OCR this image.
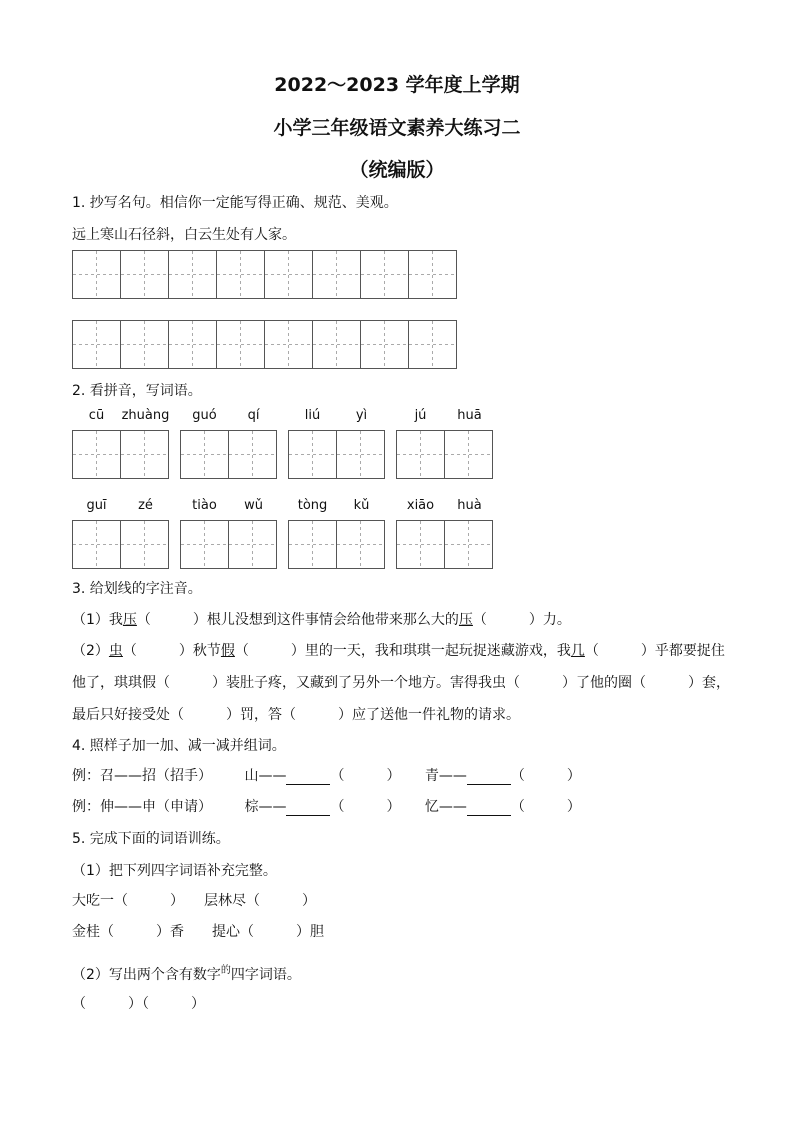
2022～2023 学年度上学期
小学三年级语文素养大练习二
（统编版）
1. 抄写名句。相信你一定能写得正确、规范、美观。
远上寒山石径斜，白云生处有人家。
2. 看拼音，写词语。
cū	zhuàng	guó	qí	liú	yì	jú	huā
guī	zé	tiào	wǔ	tòng	kǔ	xiāo	huà
3. 给划线的字注音。
（1）我压（　　　）根儿没想到这件事情会给他带来那么大的压（　　　）力。
（2）虫（　　　）秋节假（　　　）里的一天，我和琪琪一起玩捉迷藏游戏，我几（　　　）乎都要捉住
他了，琪琪假（　　　）装肚子疼，又藏到了另外一个地方。害得我虫（　　　）了他的圈（　　　）套，
最后只好接受处（　　　）罚，答（　　　）应了送他一件礼物的请求。
4. 照样子加一加、减一减并组词。
例：召——招（招手） 山——	（　　　） 青——	（　　　）
例：伸——申（申请） 棕——	（　　　） 忆——	（　　　）
5. 完成下面的词语训练。
（1）把下列四字词语补充完整。
大吃一（　　　） 层林尽（　　　）
金桂（　　　）香 提心（　　　）胆
（2）写出两个含有数字$^的$四字词语。
（　　　）（　　　）
